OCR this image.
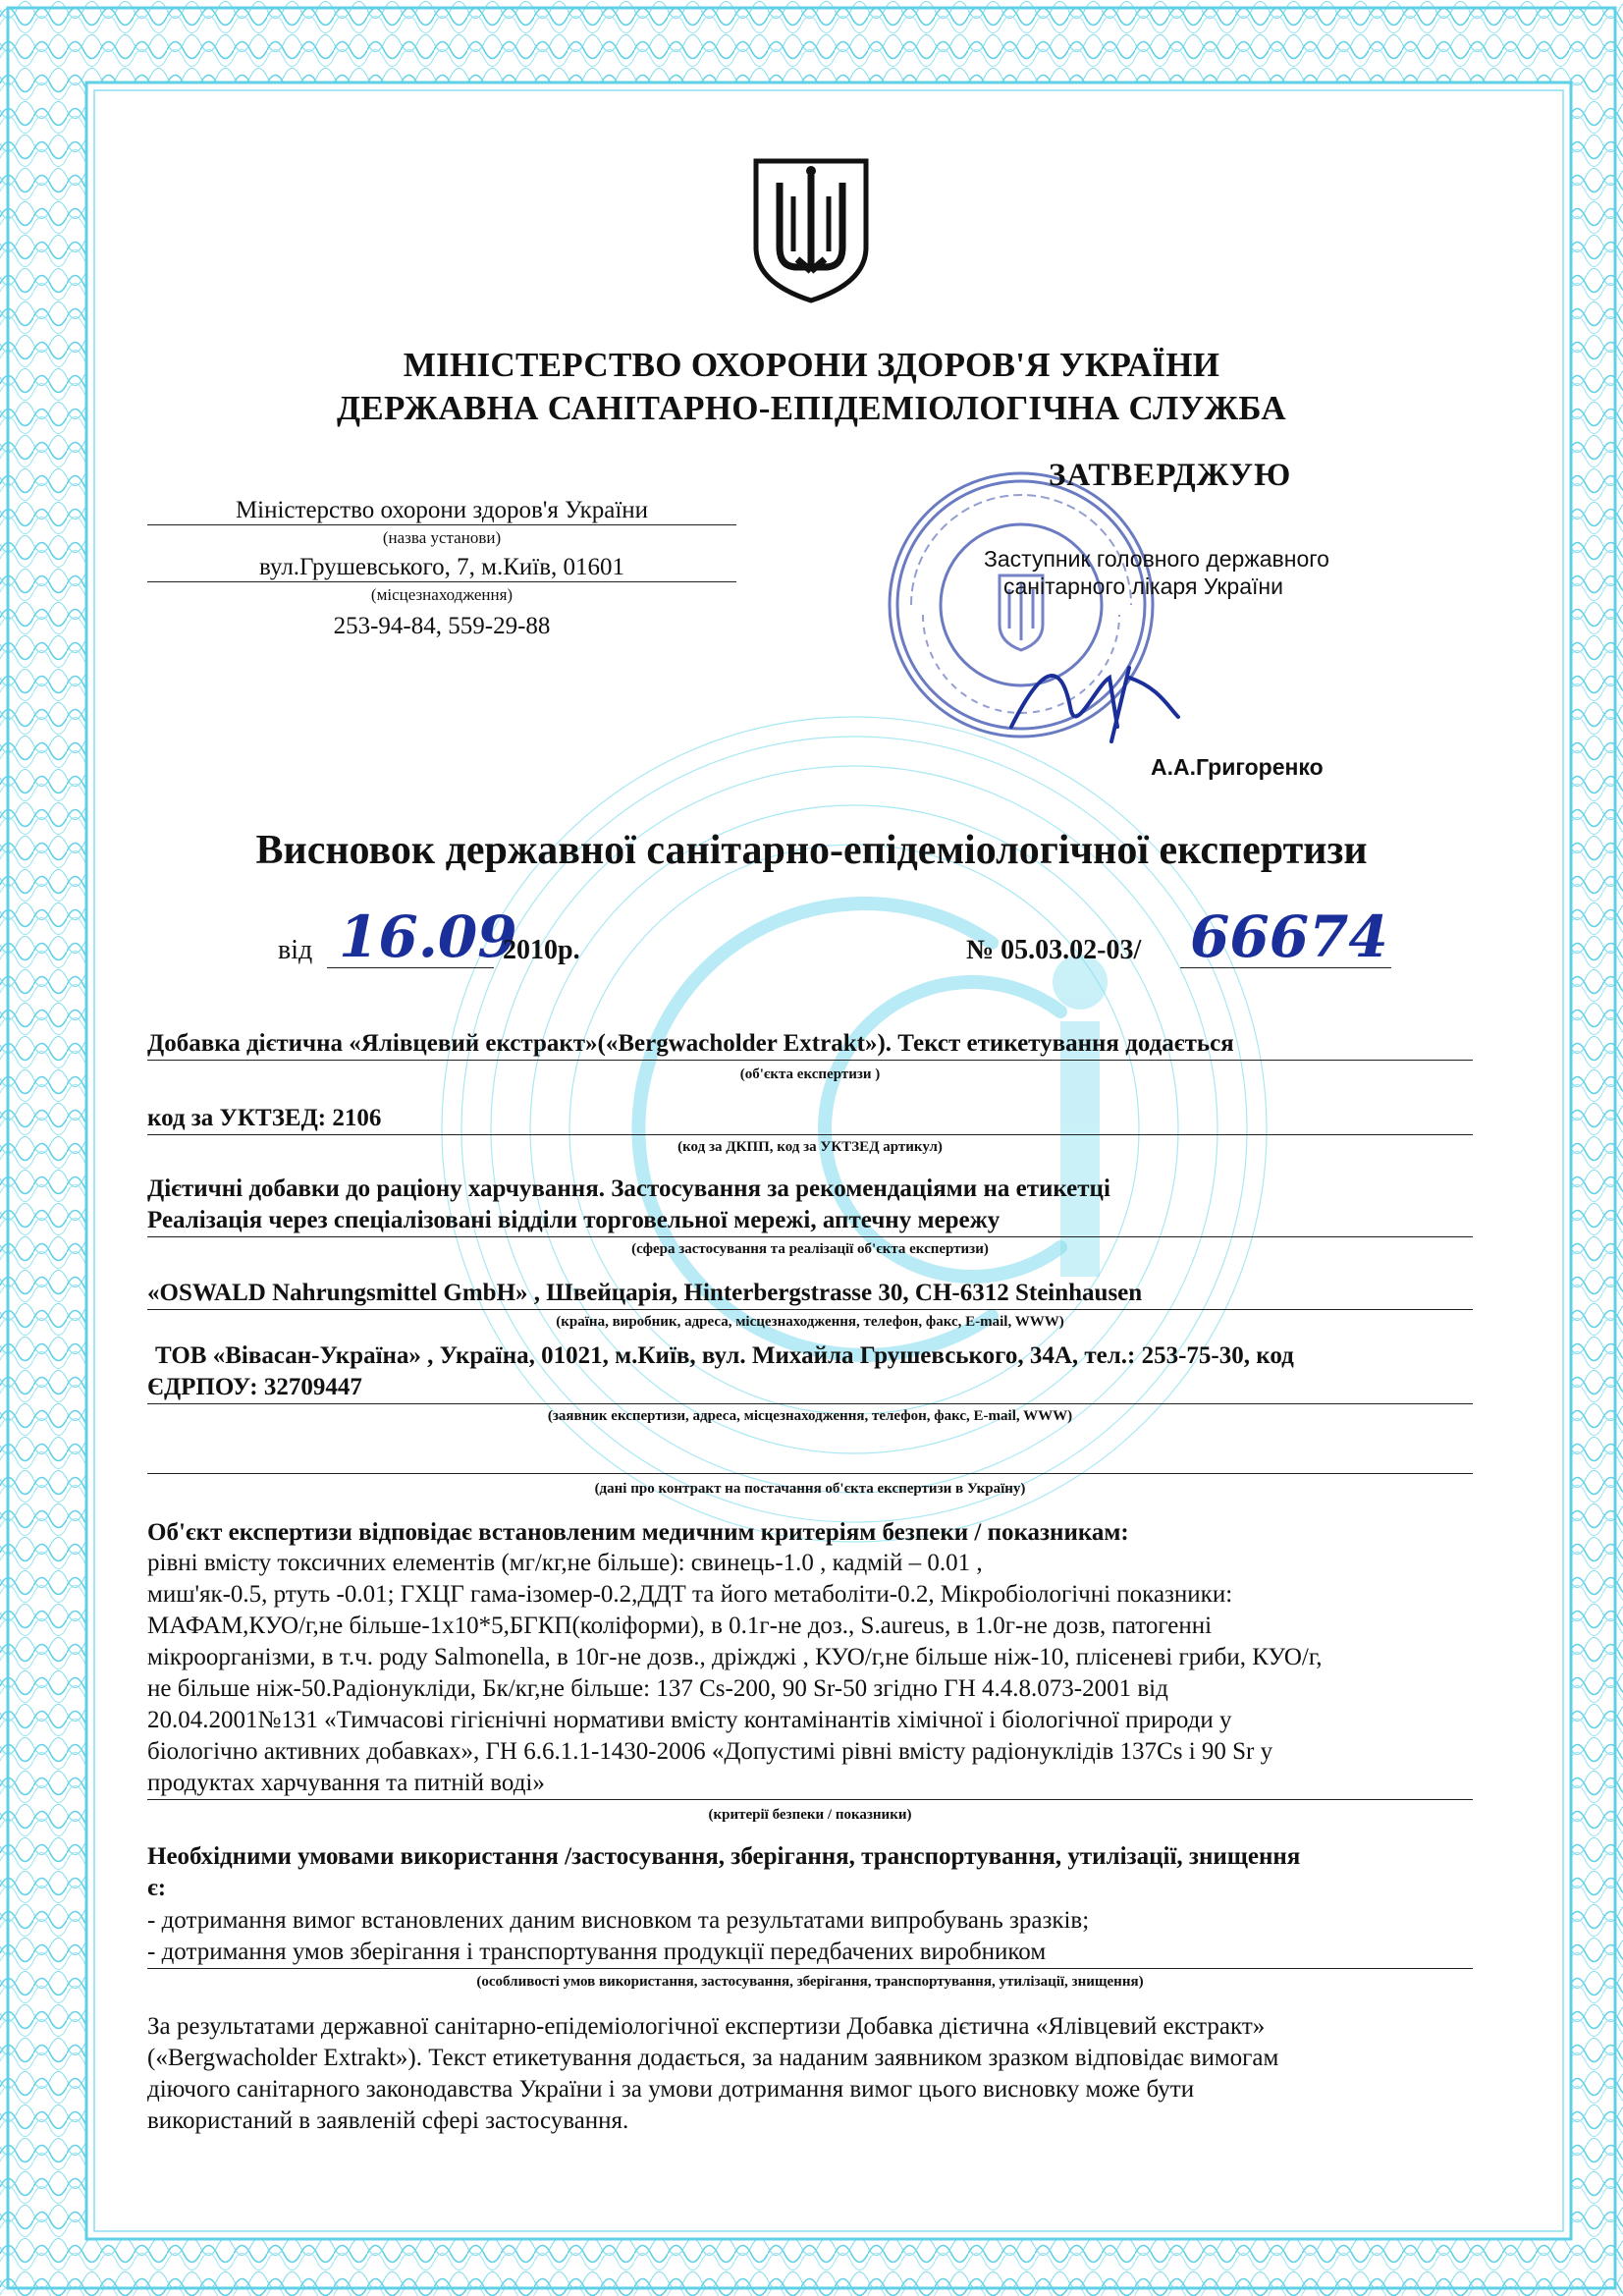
МІНІСТЕРСТВО ОХОРОНИ ЗДОРОВ'Я УКРАЇНИ
ДЕРЖАВНА САНІТАРНО-ЕПІДЕМІОЛОГІЧНА СЛУЖБА
Міністерство охорони здоров'я України
(назва установи)
вул.Грушевського, 7, м.Київ, 01601
(місцезнаходження)
253-94-84, 559-29-88
ЗАТВЕРДЖУЮ
Заступник головного державного
санітарного лікаря України
А.А.Григоренко
Висновок державної санітарно-епідеміологічної експертизи
від 16.09
2010р.	№ 05.03.02-03/ 66674
Добавка дієтична «Ялівцевий екстракт»(«Bergwacholder Extrakt»). Текст етикетування додається
(об'єкта експертизи )
код за УКТЗЕД: 2106
(код за ДКПП, код за УКТЗЕД артикул)
Дієтичні добавки до раціону харчування. Застосування за рекомендаціями на етикетці
Реалізація через спеціалізовані відділи торговельної мережі, аптечну мережу
(сфера застосування та реалізації об'єкта експертизи)
«OSWALD Nahrungsmittel GmbH» , Швейцарія, Hinterbergstrasse 30, CH-6312 Steinhausen
(країна, виробник, адреса, місцезнаходження, телефон, факс, E-mail, WWW)
ТОВ «Вівасан-Україна» , Україна, 01021, м.Київ, вул. Михайла Грушевського, 34А, тел.: 253-75-30, код
ЄДРПОУ: 32709447
(заявник експертизи, адреса, місцезнаходження, телефон, факс, E-mail, WWW)
(дані про контракт на постачання об'єкта експертизи в Україну)
Об'єкт експертизи відповідає встановленим медичним критеріям безпеки / показникам:
рівні вмісту токсичних елементів (мг/кг,не більше): свинець-1.0 , кадмій – 0.01 ,
миш'як-0.5, ртуть -0.01; ГХЦГ гама-ізомер-0.2,ДДТ та його метаболіти-0.2, Мікробіологічні показники:
МАФАМ,КУО/г,не більше-1х10*5,БГКП(коліформи), в 0.1г-не доз., S.aureus, в 1.0г-не дозв, патогенні
мікроорганізми, в т.ч. роду Salmonella, в 10г-не дозв., дріжджі , КУО/г,не більше ніж-10, плісеневі гриби, КУО/г,
не більше ніж-50.Радіонукліди, Бк/кг,не більше: 137 Cs-200, 90 Sr-50 згідно ГН 4.4.8.073-2001 від
20.04.2001№131 «Тимчасові гігієнічні нормативи вмісту контамінантів хімічної і біологічної природи у
біологічно активних добавках», ГН 6.6.1.1-1430-2006 «Допустимі рівні вмісту радіонуклідів 137Cs і 90 Sr у
продуктах харчування та питній воді»
(критерії безпеки / показники)
Необхідними умовами використання /застосування, зберігання, транспортування, утилізації, знищення
є:
- дотримання вимог встановлених даним висновком та результатами випробувань зразків;
- дотримання умов зберігання і транспортування продукції передбачених виробником
(особливості умов використання, застосування, зберігання, транспортування, утилізації, знищення)
За результатами державної санітарно-епідеміологічної експертизи Добавка дієтична «Ялівцевий екстракт»
(«Bergwacholder Extrakt»). Текст етикетування додається, за наданим заявником зразком відповідає вимогам
діючого санітарного законодавства України і за умови дотримання вимог цього висновку може бути
використаний в заявленій сфері застосування.
